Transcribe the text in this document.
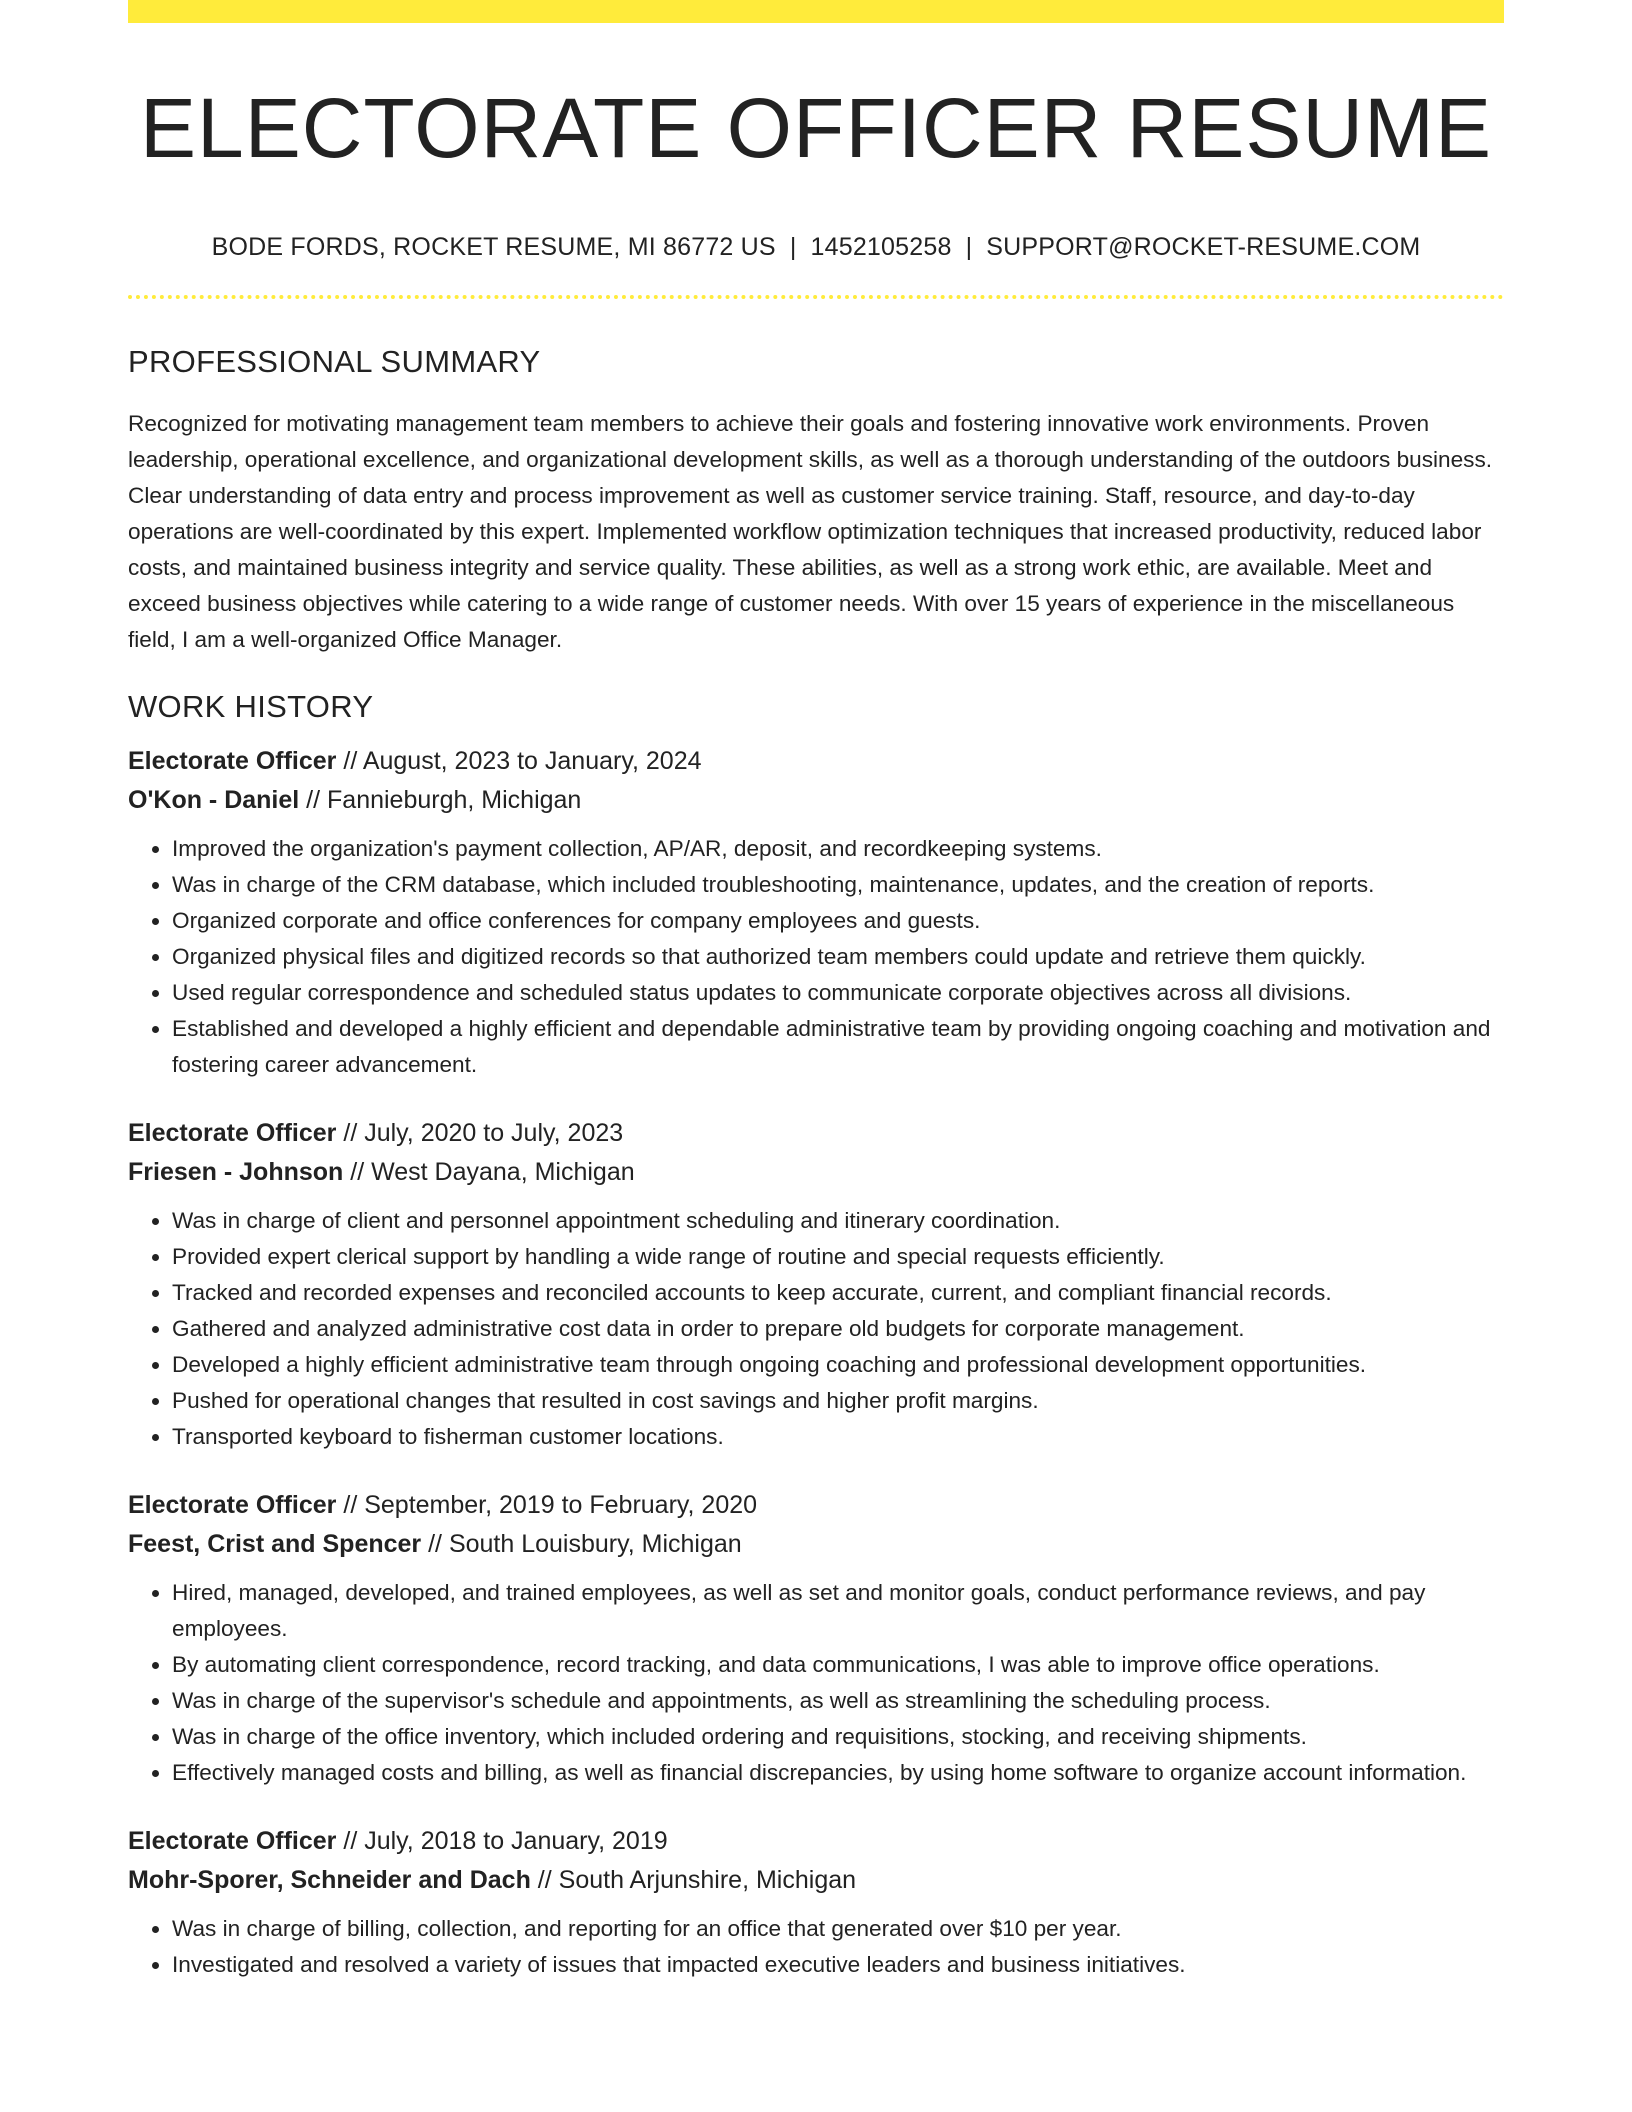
ELECTORATE OFFICER RESUME
BODE FORDS, ROCKET RESUME, MI 86772 US | 1452105258 | SUPPORT@ROCKET-RESUME.COM
PROFESSIONAL SUMMARY

Recognized for motivating management team members to achieve their goals and fostering innovative work environments. Proven leadership, operational excellence, and organizational development skills, as well as a thorough understanding of the outdoors business. Clear understanding of data entry and process improvement as well as customer service training. Staff, resource, and day-to-day operations are well-coordinated by this expert. Implemented workflow optimization techniques that increased productivity, reduced labor costs, and maintained business integrity and service quality. These abilities, as well as a strong work ethic, are available. Meet and exceed business objectives while catering to a wide range of customer needs. With over 15 years of experience in the miscellaneous field, I am a well-organized Office Manager.

WORK HISTORY
Electorate Officer // August, 2023 to January, 2024
O'Kon - Daniel // Fannieburgh, Michigan
• Improved the organization's payment collection, AP/AR, deposit, and recordkeeping systems.
• Was in charge of the CRM database, which included troubleshooting, maintenance, updates, and the creation of reports.
• Organized corporate and office conferences for company employees and guests.
• Organized physical files and digitized records so that authorized team members could update and retrieve them quickly.
• Used regular correspondence and scheduled status updates to communicate corporate objectives across all divisions.
• Established and developed a highly efficient and dependable administrative team by providing ongoing coaching and motivation and fostering career advancement.
Electorate Officer // July, 2020 to July, 2023
Friesen - Johnson // West Dayana, Michigan
• Was in charge of client and personnel appointment scheduling and itinerary coordination.
• Provided expert clerical support by handling a wide range of routine and special requests efficiently.
• Tracked and recorded expenses and reconciled accounts to keep accurate, current, and compliant financial records.
• Gathered and analyzed administrative cost data in order to prepare old budgets for corporate management.
• Developed a highly efficient administrative team through ongoing coaching and professional development opportunities.
• Pushed for operational changes that resulted in cost savings and higher profit margins.
• Transported keyboard to fisherman customer locations.
Electorate Officer // September, 2019 to February, 2020
Feest, Crist and Spencer // South Louisbury, Michigan
• Hired, managed, developed, and trained employees, as well as set and monitor goals, conduct performance reviews, and pay employees.
• By automating client correspondence, record tracking, and data communications, I was able to improve office operations.
• Was in charge of the supervisor's schedule and appointments, as well as streamlining the scheduling process.
• Was in charge of the office inventory, which included ordering and requisitions, stocking, and receiving shipments.
• Effectively managed costs and billing, as well as financial discrepancies, by using home software to organize account information.
Electorate Officer // July, 2018 to January, 2019
Mohr-Sporer, Schneider and Dach // South Arjunshire, Michigan
• Was in charge of billing, collection, and reporting for an office that generated over $10 per year.
• Investigated and resolved a variety of issues that impacted executive leaders and business initiatives.
